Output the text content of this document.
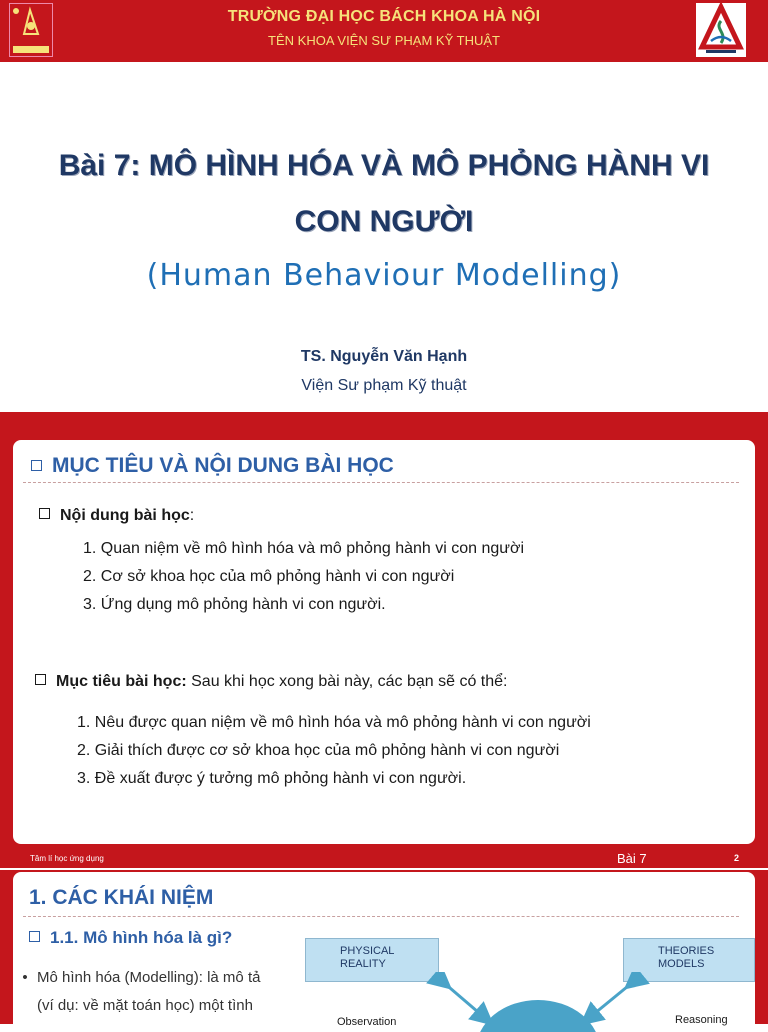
TRƯỜNG ĐẠI HỌC BÁCH KHOA HÀ NỘI
TÊN KHOA VIỆN SƯ PHẠM KỸ THUẬT
Bài 7: MÔ HÌNH HÓA VÀ MÔ PHỎNG HÀNH VI
CON NGƯỜI
(Human Behaviour Modelling)
TS. Nguyễn Văn Hạnh
Viện Sư phạm Kỹ thuật
MỤC TIÊU VÀ NỘI DUNG BÀI HỌC
Nội dung bài học:
1. Quan niệm về mô hình hóa và mô phỏng hành vi con người
2. Cơ sở khoa học của mô phỏng hành vi con người
3. Ứng dụng mô phỏng hành vi con người.
Mục tiêu bài học: Sau khi học xong bài này, các bạn sẽ có thể:
1. Nêu được quan niệm về mô hình hóa và mô phỏng hành vi con người
2. Giải thích được cơ sở khoa học của mô phỏng hành vi con người
3. Đề xuất được ý tưởng mô phỏng hành vi con người.
Tâm lí học ứng dụng	Bài 7	2
1. CÁC KHÁI NIỆM
1.1. Mô hình hóa là gì?
• Mô hình hóa (Modelling): là mô tả
(ví dụ: về mặt toán học) một tình
PHYSICAL
REALITY
THEORIES
MODELS
Observation	Reasoning
